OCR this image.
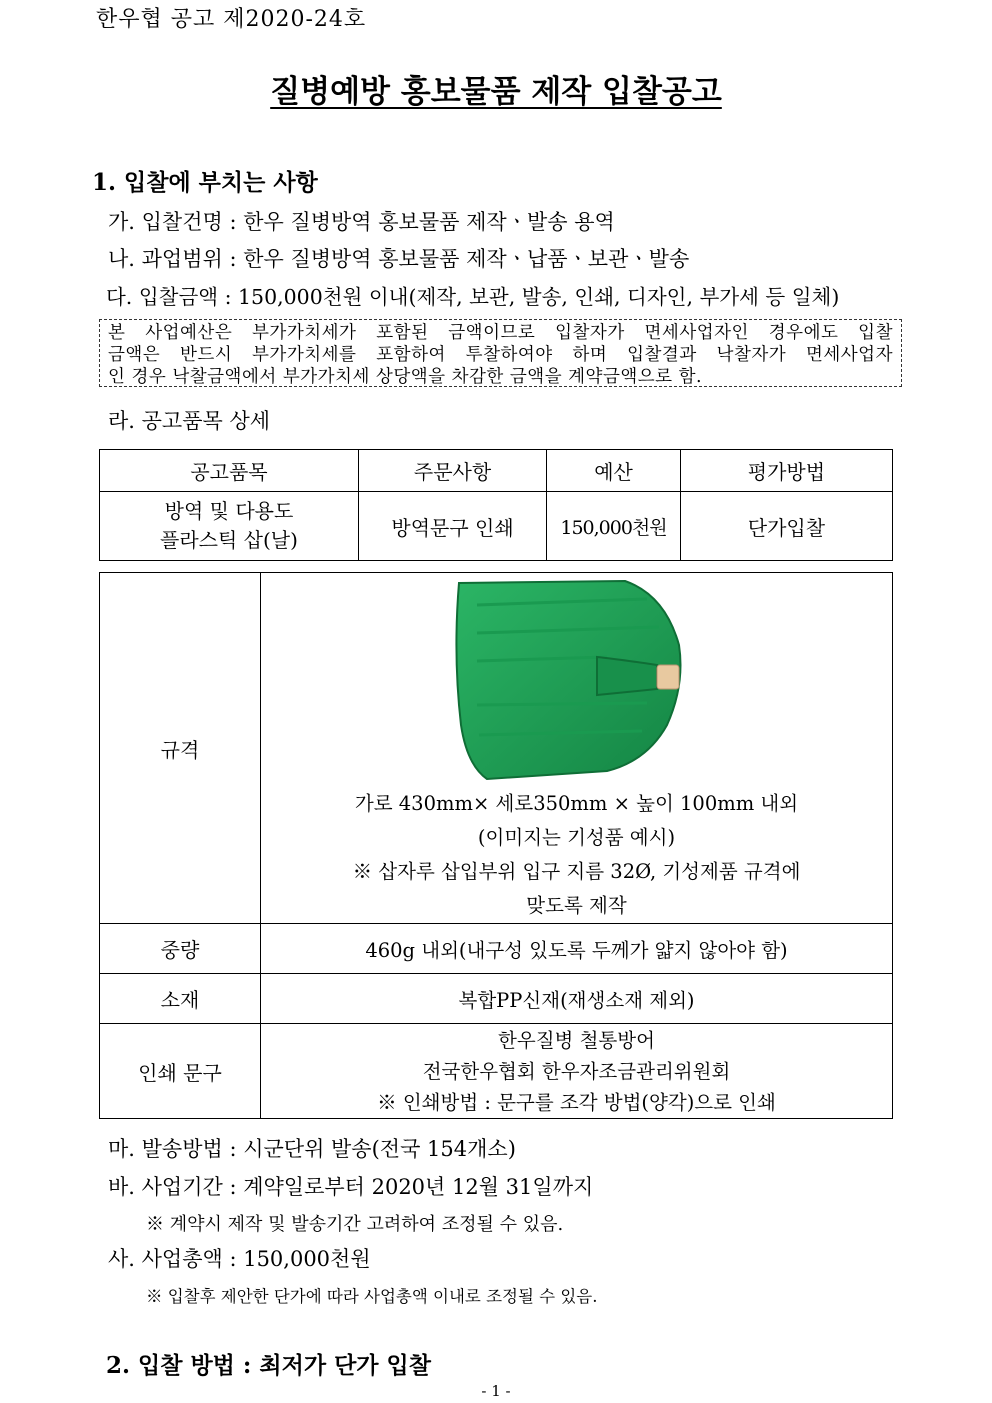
한우협 공고 제2020-24호
질병예방 홍보물품 제작 입찰공고
1. 입찰에 부치는 사항
가. 입찰건명 : 한우 질병방역 홍보물품 제작ㆍ발송 용역
나. 과업범위 : 한우 질병방역 홍보물품 제작ㆍ납품ㆍ보관ㆍ발송
다. 입찰금액 : 150,000천원 이내(제작, 보관, 발송, 인쇄, 디자인, 부가세 등 일체)
본 사업예산은 부가가치세가 포함된 금액이므로 입찰자가 면세사업자인 경우에도 입찰
금액은 반드시 부가가치세를 포함하여 투찰하여야 하며 입찰결과 낙찰자가 면세사업자
인 경우 낙찰금액에서 부가가치세 상당액을 차감한 금액을 계약금액으로 함.
라. 공고품목 상세
공고품목	주문사항	예산	평가방법

방역 및 다용도
플라스틱 삽(날)	방역문구 인쇄	150,000천원	단가입찰
규격	가로 430mm× 세로350mm × 높이 100mm 내외
(이미지는 기성품 예시)
※ 삽자루 삽입부위 입구 지름 32Ø, 기성제품 규격에
맞도록 제작

중량	460g 내외(내구성 있도록 두께가 얇지 않아야 함)
소재	복합PP신재(재생소재 제외)
인쇄 문구	한우질병 철통방어
전국한우협회 한우자조금관리위원회
※ 인쇄방법 : 문구를 조각 방법(양각)으로 인쇄
마. 발송방법 : 시군단위 발송(전국 154개소)
바. 사업기간 : 계약일로부터 2020년 12월 31일까지
※ 계약시 제작 및 발송기간 고려하여 조정될 수 있음.
사. 사업총액 : 150,000천원
※ 입찰후 제안한 단가에 따라 사업총액 이내로 조정될 수 있음.
2. 입찰 방법 : 최저가 단가 입찰
- 1 -
